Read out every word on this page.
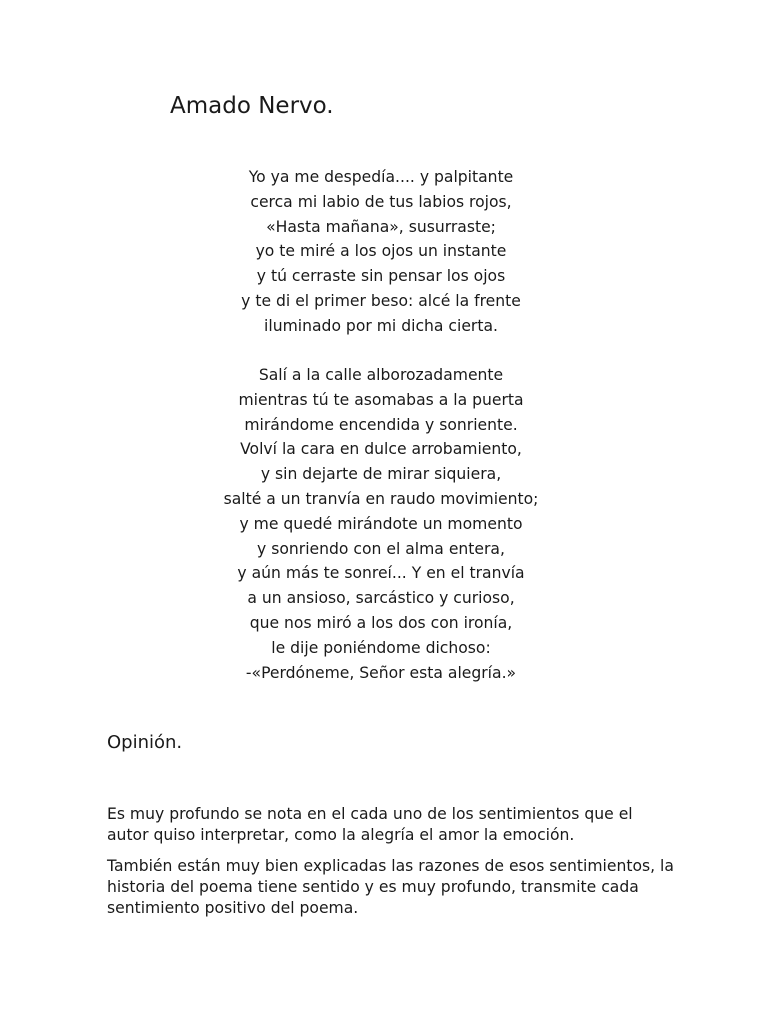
Amado Nervo.
Yo ya me despedía.... y palpitante
cerca mi labio de tus labios rojos,
«Hasta mañana», susurraste;
yo te miré a los ojos un instante
y tú cerraste sin pensar los ojos
y te di el primer beso: alcé la frente
iluminado por mi dicha cierta.
Salí a la calle alborozadamente
mientras tú te asomabas a la puerta
mirándome encendida y sonriente.
Volví la cara en dulce arrobamiento,
y sin dejarte de mirar siquiera,
salté a un tranvía en raudo movimiento;
y me quedé mirándote un momento
y sonriendo con el alma entera,
y aún más te sonreí... Y en el tranvía
a un ansioso, sarcástico y curioso,
que nos miró a los dos con ironía,
le dije poniéndome dichoso:
-«Perdóneme, Señor esta alegría.»
Opinión.

Es muy profundo se nota en el cada uno de los sentimientos que el autor quiso interpretar, como la alegría el amor la emoción.

También están muy bien explicadas las razones de esos sentimientos, la historia del poema tiene sentido y es muy profundo, transmite cada sentimiento positivo del poema.
